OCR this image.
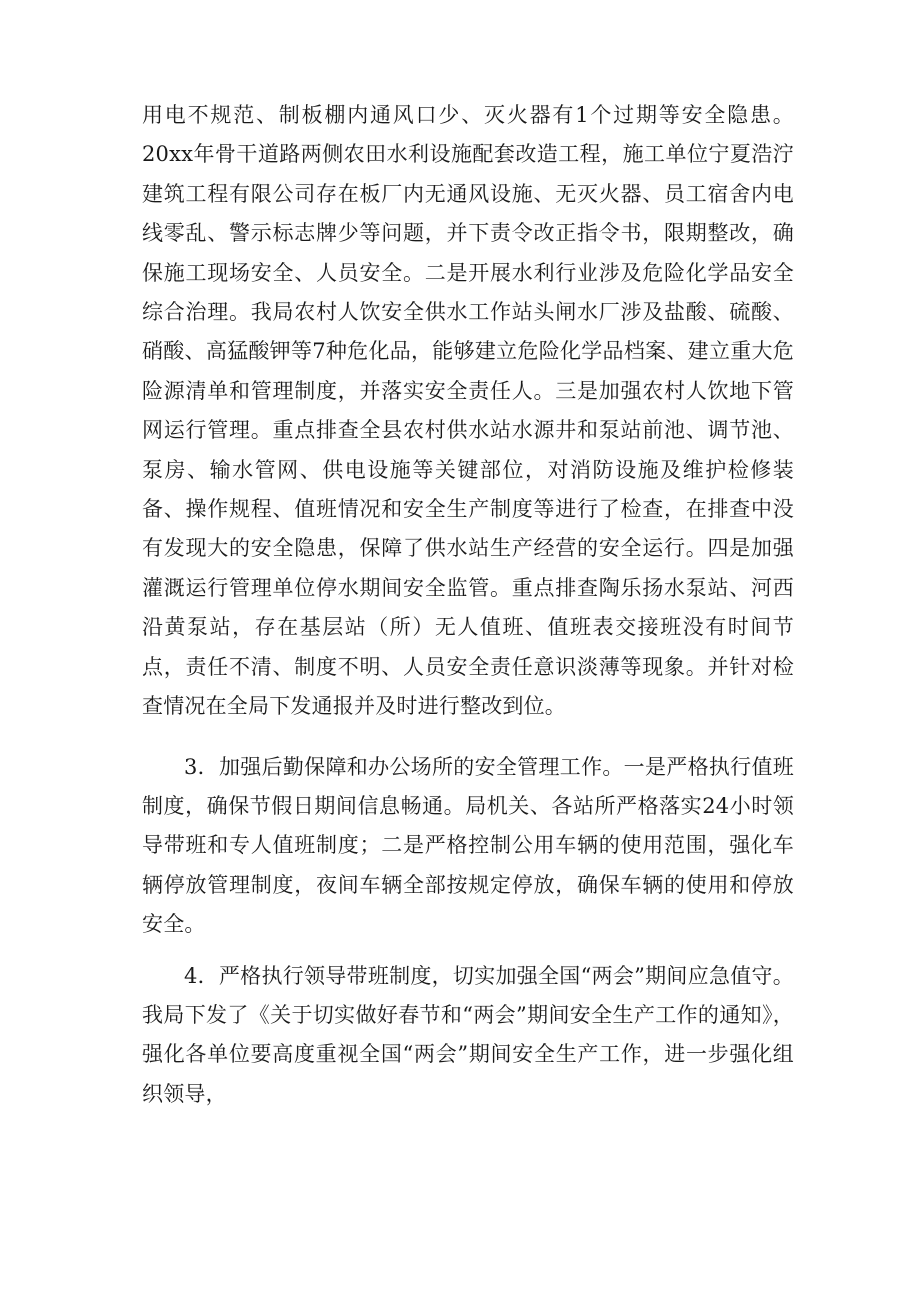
用电不规范、制板棚内通风口少、灭火器有1个过期等安全隐患。20xx年骨干道路两侧农田水利设施配套改造工程，施工单位宁夏浩泞建筑工程有限公司存在板厂内无通风设施、无灭火器、员工宿舍内电线零乱、警示标志牌少等问题，并下责令改正指令书，限期整改，确保施工现场安全、人员安全。二是开展水利行业涉及危险化学品安全综合治理。我局农村人饮安全供水工作站头闸水厂涉及盐酸、硫酸、硝酸、高猛酸钾等7种危化品，能够建立危险化学品档案、建立重大危险源清单和管理制度，并落实安全责任人。三是加强农村人饮地下管网运行管理。重点排查全县农村供水站水源井和泵站前池、调节池、泵房、输水管网、供电设施等关键部位，对消防设施及维护检修装备、操作规程、值班情况和安全生产制度等进行了检查，在排查中没有发现大的安全隐患，保障了供水站生产经营的安全运行。四是加强灌溉运行管理单位停水期间安全监管。重点排查陶乐扬水泵站、河西沿黄泵站，存在基层站（所）无人值班、值班表交接班没有时间节点，责任不清、制度不明、人员安全责任意识淡薄等现象。并针对检查情况在全局下发通报并及时进行整改到位。

3．加强后勤保障和办公场所的安全管理工作。一是严格执行值班制度，确保节假日期间信息畅通。局机关、各站所严格落实24小时领导带班和专人值班制度；二是严格控制公用车辆的使用范围，强化车辆停放管理制度，夜间车辆全部按规定停放，确保车辆的使用和停放安全。

4．严格执行领导带班制度，切实加强全国“两会”期间应急值守。我局下发了《关于切实做好春节和“两会”期间安全生产工作的通知》，强化各单位要高度重视全国“两会”期间安全生产工作，进一步强化组织领导，
